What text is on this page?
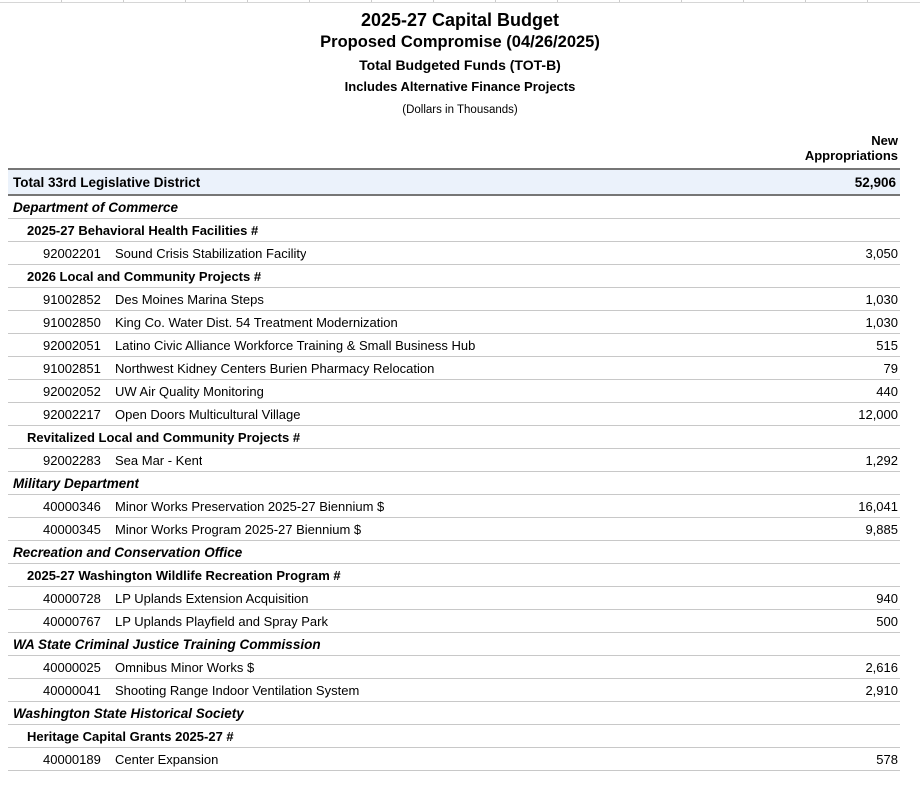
2025-27 Capital Budget
Proposed Compromise (04/26/2025)
Total Budgeted Funds (TOT-B)
Includes Alternative Finance Projects
(Dollars in Thousands)
New
Appropriations
Total 33rd Legislative District	52,906
Department of Commerce
2025-27 Behavioral Health Facilities #
92002201 Sound Crisis Stabilization Facility	3,050
2026 Local and Community Projects #
91002852 Des Moines Marina Steps	1,030
91002850 King Co. Water Dist. 54 Treatment Modernization	1,030
92002051 Latino Civic Alliance Workforce Training & Small Business Hub	515
91002851 Northwest Kidney Centers Burien Pharmacy Relocation	79
92002052 UW Air Quality Monitoring	440
92002217 Open Doors Multicultural Village	12,000
Revitalized Local and Community Projects #
92002283 Sea Mar - Kent	1,292
Military Department
40000346 Minor Works Preservation 2025-27 Biennium $	16,041
40000345 Minor Works Program 2025-27 Biennium $	9,885
Recreation and Conservation Office
2025-27 Washington Wildlife Recreation Program #
40000728 LP Uplands Extension Acquisition	940
40000767 LP Uplands Playfield and Spray Park	500
WA State Criminal Justice Training Commission
40000025 Omnibus Minor Works $	2,616
40000041 Shooting Range Indoor Ventilation System	2,910
Washington State Historical Society
Heritage Capital Grants 2025-27 #
40000189 Center Expansion	578
